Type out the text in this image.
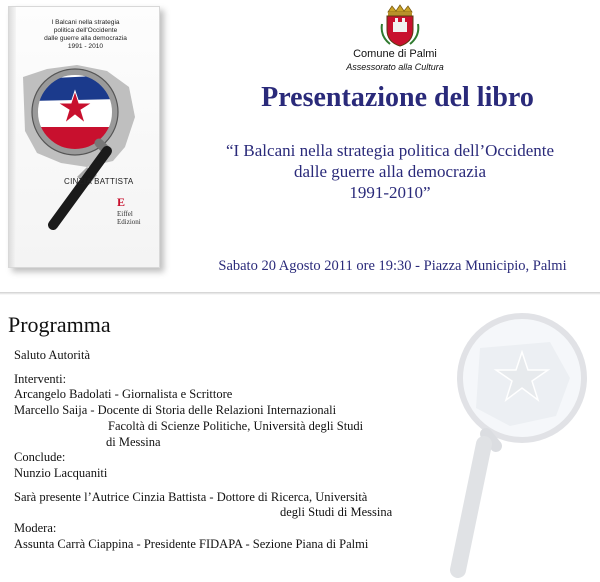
I Balcani nella strategia
politica dell'Occidente
dalle guerre alla democrazia
1991 - 2010
CINZIA BATTISTA
E
Eiffel
Edizioni
Comune di Palmi
Assessorato alla Cultura
Presentazione del libro
“I Balcani nella strategia politica dell’Occidente
dalle guerre alla democrazia
1991-2010”
Sabato 20 Agosto 2011 ore 19:30 - Piazza Municipio, Palmi
Programma
Saluto Autorità
Interventi:
Arcangelo Badolati - Giornalista e Scrittore
Marcello Saija - Docente di Storia delle Relazioni Internazionali
Facoltà di Scienze Politiche, Università degli Studi
di Messina
Conclude:
Nunzio Lacquaniti
Sarà presente l’Autrice Cinzia Battista - Dottore di Ricerca, Università
degli Studi di Messina
Modera:
Assunta Carrà Ciappina - Presidente FIDAPA - Sezione Piana di Palmi
